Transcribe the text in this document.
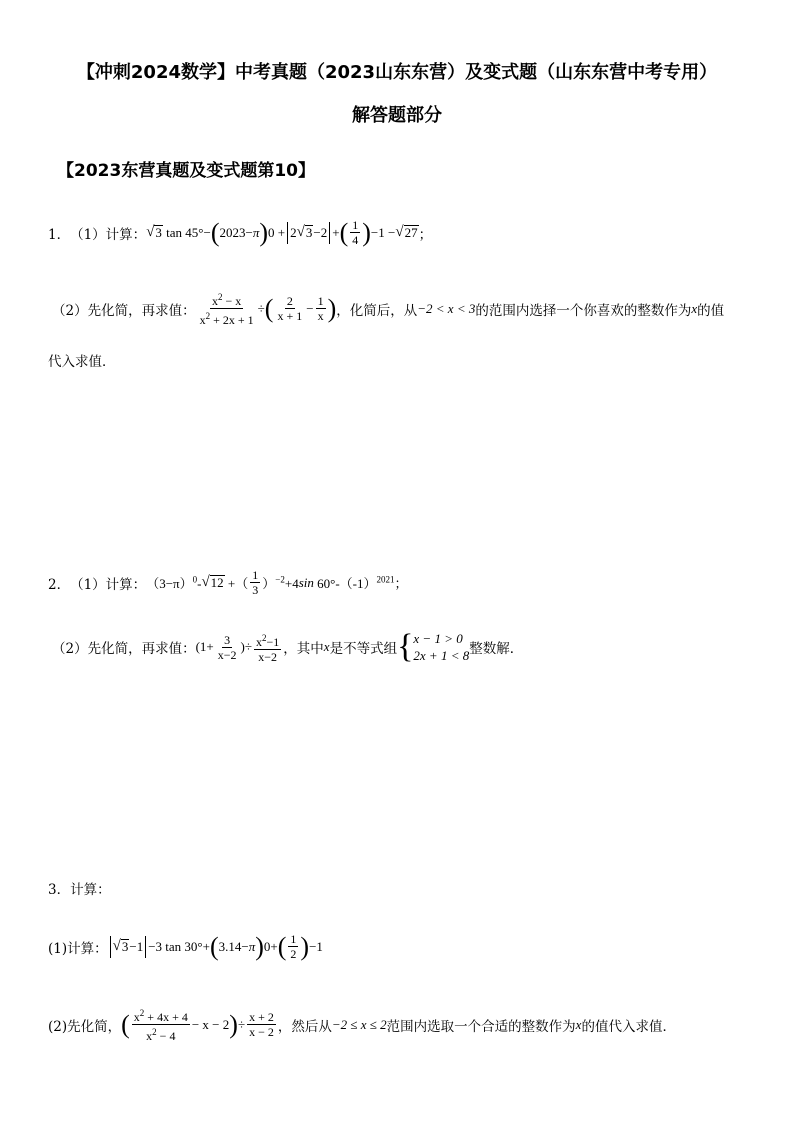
【冲刺2024数学】中考真题（2023山东东营）及变式题（山东东营中考专用）
解答题部分
【2023东营真题及变式题第10】
1． （1）计算： √ 3 tan 45°− ( 2023− π ) 0 + 2 √ 3 −2 + ( $\frac{1}{4}$ ) −1 − √ 27 ；
（2）先化简，再求值： $\frac{x^2 - x}{x^2 + 2x + 1}$ ÷ ( $\frac{2}{x + 1} - \frac{1}{x}$ ) ，化简后，从 −2 < x < 3 的范围内选择一个你喜欢的整数作为 x 的值
代入求值．
2． （1）计算： $(3-\pi)^0-$ √ 12 +（ $\frac{1}{3} )^{-2}+4$ $\sin 60^\circ-(-1)^{2021}$；
（2）先化简，再求值： ($1+ \frac{3}{x-2}$ )÷ $\frac{x^2-1}{x-2}$ ，其中 x 是不等式组 { x − 1 > 0
2x + 1 < 8 整数解．
3．计算：
(1)计算： √ 3 −1 −3 tan 30°+ ( 3.14− π ) 0 + ( $\frac{1}{2}$ ) −1
(2)先化简， ( $\frac{x^2 + 4x + 4}{x^2 - 4} - x - 2$ ) ÷ $\frac{x + 2}{x - 2}$ ，然后从 −2 ≤ x ≤ 2 范围内选取一个合适的整数作为 x 的值代入求值．
